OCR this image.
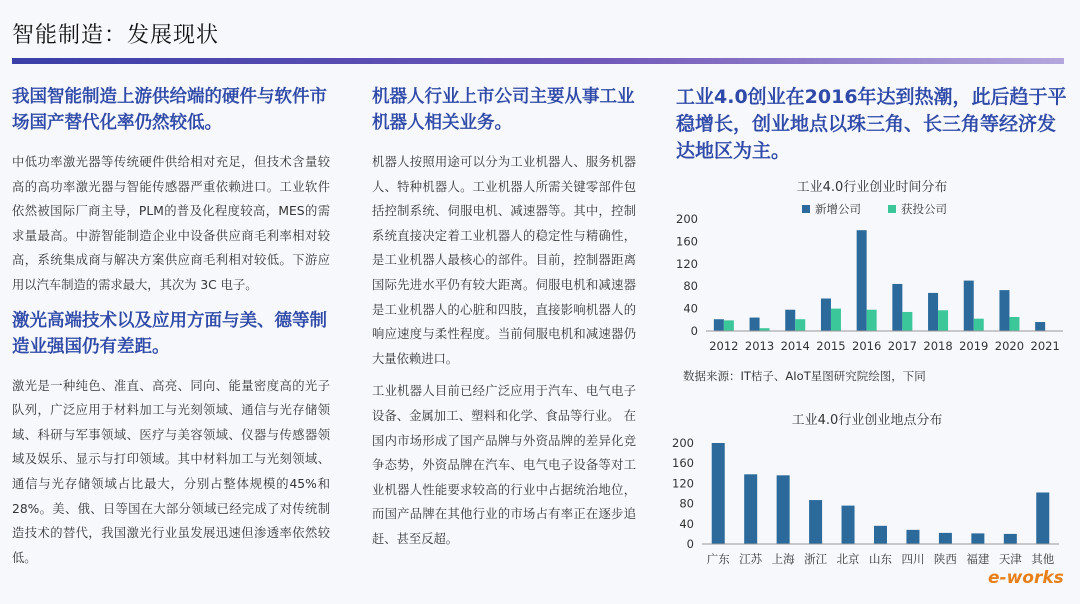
智能制造：发展现状

我国智能制造上游供给端的硬件与软件市场国产替代化率仍然较低。

中低功率激光器等传统硬件供给相对充足，但技术含量较高的高功率激光器与智能传感器严重依赖进口。工业软件依然被国际厂商主导，PLM的普及化程度较高，MES的需求量最高。中游智能制造企业中设备供应商毛利率相对较高，系统集成商与解决方案供应商毛利相对较低。下游应用以汽车制造的需求最大，其次为 3C 电子。

激光高端技术以及应用方面与美、德等制造业强国仍有差距。

激光是一种纯色、准直、高亮、同向、能量密度高的光子队列，广泛应用于材料加工与光刻领域、通信与光存储领域、科研与军事领域、医疗与美容领域、仪器与传感器领域及娱乐、显示与打印领域。其中材料加工与光刻领域、通信与光存储领域占比最大，分别占整体规模的45%和28%。美、俄、日等国在大部分领域已经完成了对传统制造技术的替代，我国激光行业虽发展迅速但渗透率依然较低。

机器人行业上市公司主要从事工业机器人相关业务。

机器人按照用途可以分为工业机器人、服务机器人、特种机器人。工业机器人所需关键零部件包括控制系统、伺服电机、减速器等。其中，控制系统直接决定着工业机器人的稳定性与精确性，是工业机器人最核心的部件。目前，控制器距离国际先进水平仍有较大距离。伺服电机和减速器是工业机器人的心脏和四肢，直接影响机器人的响应速度与柔性程度。当前伺服电机和减速器仍大量依赖进口。

工业机器人目前已经广泛应用于汽车、电气电子设备、金属加工、塑料和化学、食品等行业。 在国内市场形成了国产品牌与外资品牌的差异化竞争态势，外资品牌在汽车、电气电子设备等对工业机器人性能要求较高的行业中占据统治地位，而国产品牌在其他行业的市场占有率正在逐步追赶、甚至反超。

工业4.0创业在2016年达到热潮，此后趋于平稳增长，创业地点以珠三角、长三角等经济发达地区为主。

工业4.0行业创业时间分布
新增公司	获投公司
0
40
80
120
160
200
2012 2013 2014 2015 2016 2017 2018 2019 2020 2021
数据来源：IT桔子、AIoT星图研究院绘图，下同
工业4.0行业创业地点分布
0
40
80
120
160
200
广东 江苏 上海 浙江 北京 山东 四川 陕西 福建 天津 其他
e-works
